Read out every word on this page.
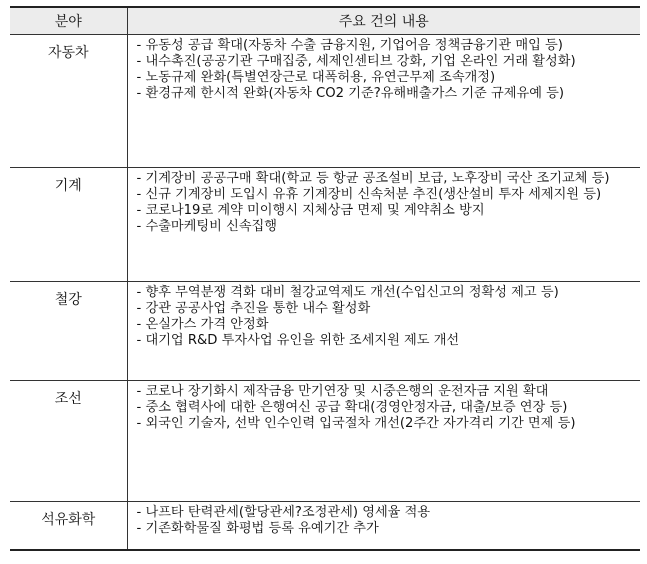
분야	주요 건의 내용
자동차	- 유동성 공급 확대(자동차 수출 금융지원, 기업어음 정책금융기관 매입 등)
- 내수촉진(공공기관 구매집중, 세제인센티브 강화, 기업 온라인 거래 활성화)
- 노동규제 완화(특별연장근로 대폭허용, 유연근무제 조속개정)
- 환경규제 한시적 완화(자동차 CO2 기준?유해배출가스 기준 규제유예 등)

기계	- 기계장비 공공구매 확대(학교 등 항균 공조설비 보급, 노후장비 국산 조기교체 등)
- 신규 기계장비 도입시 유휴 기계장비 신속처분 추진(생산설비 투자 세제지원 등)
- 코로나19로 계약 미이행시 지체상금 면제 및 계약취소 방지
- 수출마케팅비 신속집행

철강	- 향후 무역분쟁 격화 대비 철강교역제도 개선(수입신고의 정확성 제고 등)
- 강관 공공사업 추진을 통한 내수 활성화
- 온실가스 가격 안정화
- 대기업 R&D 투자사업 유인을 위한 조세지원 제도 개선

조선	- 코로나 장기화시 제작금융 만기연장 및 시중은행의 운전자금 지원 확대
- 중소 협력사에 대한 은행여신 공급 확대(경영안정자금, 대출/보증 연장 등)
- 외국인 기술자, 선박 인수인력 입국절차 개선(2주간 자가격리 기간 면제 등)

석유화학	- 나프타 탄력관세(할당관세?조정관세) 영세율 적용
- 기존화학물질 화평법 등록 유예기간 추가
